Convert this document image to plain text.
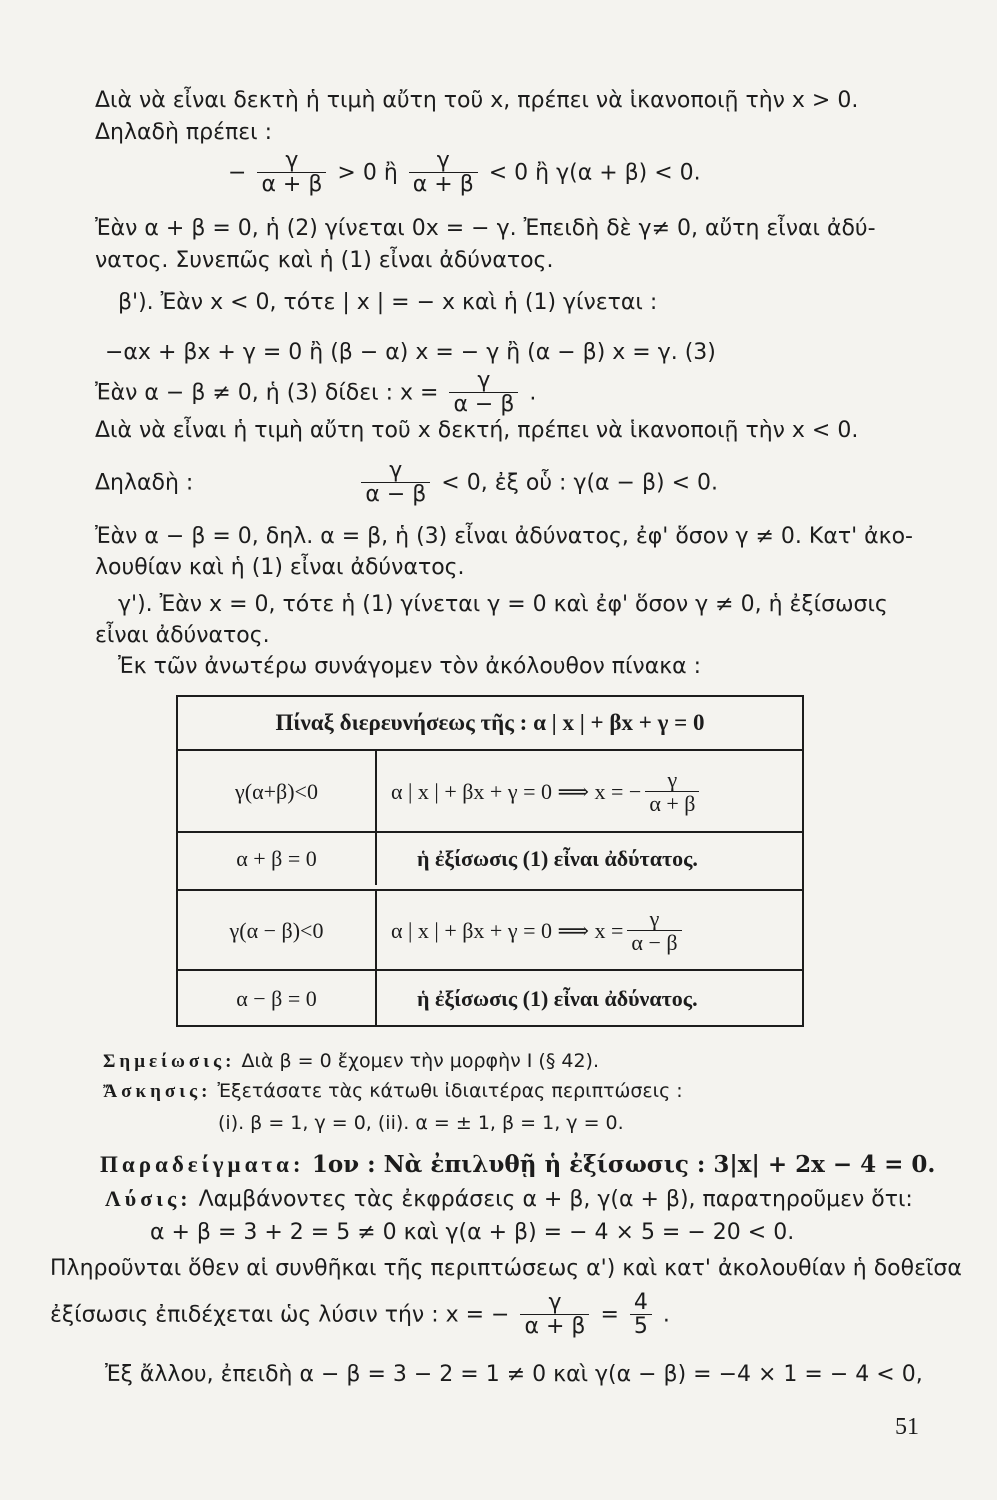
Διὰ νὰ εἶναι δεκτὴ ἡ τιμὴ αὔτη τοῦ x, πρέπει νὰ ἱκανοποιῇ τὴν x > 0.
Δηλαδὴ πρέπει :
− $\frac{\gamma}{\alpha + \beta} > 0$ ἢ $\frac{\gamma}{\alpha + \beta} < 0$ ἢ γ(α + β) < 0.
Ἐὰν α + β = 0, ἡ (2) γίνεται 0x = − γ. Ἐπειδὴ δὲ γ≠ 0, αὔτη εἶναι ἀδύ-
νατος. Συνεπῶς καὶ ἡ (1) εἶναι ἀδύνατος.
β'). Ἐὰν x < 0, τότε | x | = − x καὶ ἡ (1) γίνεται :
−αx + βx + γ = 0 ἢ (β − α) x = − γ ἢ (α − β) x = γ. (3)
Ἐὰν α − β ≠ 0, ἡ (3) δίδει : $x = \frac{\gamma}{\alpha - \beta}$ .
Διὰ νὰ εἶναι ἡ τιμὴ αὔτη τοῦ x δεκτή, πρέπει νὰ ἱκανοποιῇ τὴν x < 0.
Δηλαδὴ :	$\frac{\gamma}{\alpha - \beta} < 0$, ἐξ οὗ : γ(α − β) < 0.
Ἐὰν α − β = 0, δηλ. α = β, ἡ (3) εἶναι ἀδύνατος, ἐφ' ὅσον γ ≠ 0. Κατ' ἀκο-
λουθίαν καὶ ἡ (1) εἶναι ἀδύνατος.
γ'). Ἐὰν x = 0, τότε ἡ (1) γίνεται γ = 0 καὶ ἐφ' ὅσον γ ≠ 0, ἡ ἐξίσωσις
εἶναι ἀδύνατος.
Ἐκ τῶν ἀνωτέρω συνάγομεν τὸν ἀκόλουθον πίνακα :
Πίναξ διερευνήσεως τῆς : α | x | + βx + γ = 0
γ(α+β)<0	α | x | + βx + γ = 0 ⟹ x = − $\frac{\gamma}{\alpha + \beta}$
α + β = 0	ἡ ἐξίσωσις (1) εἶναι ἀδύτατος.
γ(α − β)<0	α | x | + βx + γ = 0 ⟹ $x = \frac{\gamma}{\alpha - \beta}$
α − β = 0	ἡ ἐξίσωσις (1) εἶναι ἀδύνατος.
Σημείωσις: Διὰ β = 0 ἔχομεν τὴν μορφὴν I (§ 42).
Ἄσκησις: Ἐξετάσατε τὰς κάτωθι ἰδιαιτέρας περιπτώσεις :
(i). β = 1, γ = 0, (ii). α = ± 1, β = 1, γ = 0.
Παραδείγματα: 1ον : Νὰ ἐπιλυθῇ ἡ ἐξίσωσις : 3|x| + 2x − 4 = 0.
Λύσις: Λαμβάνοντες τὰς ἐκφράσεις α + β, γ(α + β), παρατηροῦμεν ὅτι:
α + β = 3 + 2 = 5 ≠ 0 καὶ γ(α + β) = − 4 × 5 = − 20 < 0.
Πληροῦνται ὅθεν αἱ συνθῆκαι τῆς περιπτώσεως α') καὶ κατ' ἀκολουθίαν ἡ δοθεῖσα
ἐξίσωσις ἐπιδέχεται ὡς λύσιν τήν : x = − $\frac{\gamma}{\alpha + \beta} = \frac{4}{5}$ .
Ἐξ ἄλλου, ἐπειδὴ α − β = 3 − 2 = 1 ≠ 0 καὶ γ(α − β) = −4 × 1 = − 4 < 0,
51
